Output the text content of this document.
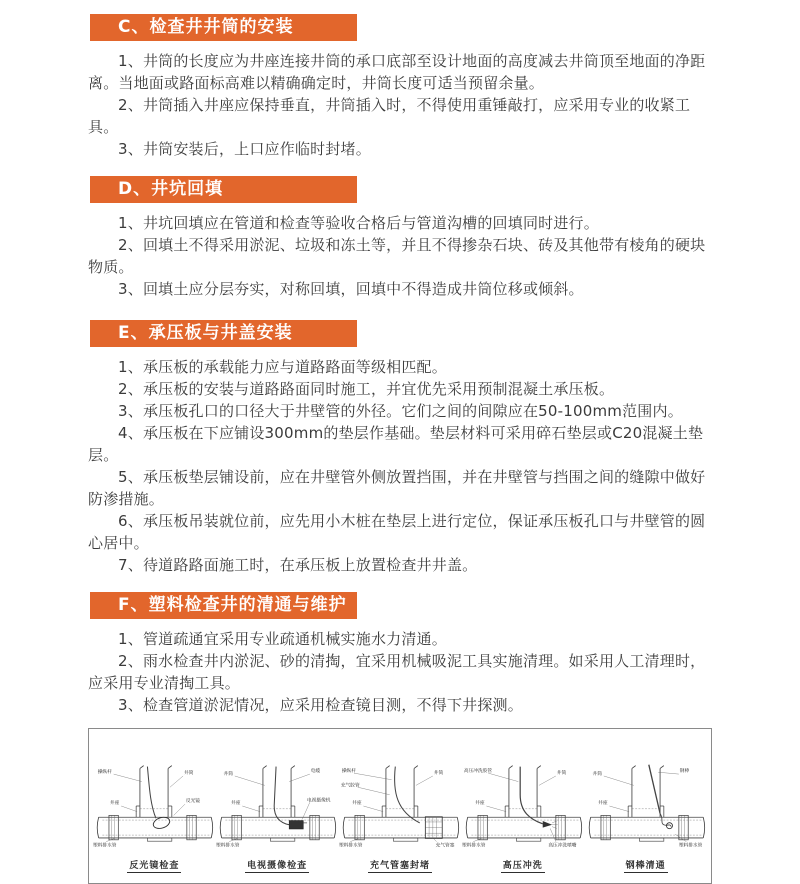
C、检查井井筒的安装
1、井筒的长度应为井座连接井筒的承口底部至设计地面的高度减去井筒顶至地面的净距离。当地面或路面标高难以精确确定时，井筒长度可适当预留余量。
2、井筒插入井座应保持垂直，井筒插入时，不得使用重锤敲打，应采用专业的收紧工具。
3、井筒安装后，上口应作临时封堵。
D、井坑回填
1、井坑回填应在管道和检查等验收合格后与管道沟槽的回填同时进行。
2、回填土不得采用淤泥、垃圾和冻土等，并且不得掺杂石块、砖及其他带有棱角的硬块物质。
3、回填土应分层夯实，对称回填，回填中不得造成井筒位移或倾斜。
E、承压板与井盖安装
1、承压板的承载能力应与道路路面等级相匹配。
2、承压板的安装与道路路面同时施工，并宜优先采用预制混凝土承压板。
3、承压板孔口的口径大于井壁管的外径。它们之间的间隙应在50-100mm范围内。
4、承压板在下应铺设300mm的垫层作基础。垫层材料可采用碎石垫层或C20混凝土垫层。
5、承压板垫层铺设前，应在井壁管外侧放置挡围，并在井壁管与挡围之间的缝隙中做好防渗措施。
6、承压板吊装就位前，应先用小木桩在垫层上进行定位，保证承压板孔口与井壁管的圆心居中。
7、待道路路面施工时，在承压板上放置检查井井盖。
F、塑料检查井的清通与维护
1、管道疏通宜采用专业疏通机械实施水力清通。
2、雨水检查井内淤泥、砂的清掏，宜采用机械吸泥工具实施清理。如采用人工清理时，应采用专业清掏工具。
3、检查管道淤泥情况，应采用检查镜目测，不得下井探测。
操纵杆	井筒
井座	反光镜
塑料排水管
反光镜检查
井筒
电缆
井座
电视摄像机
塑料排水管
电视摄像检查
操纵杆
充气胶管
井座
井筒
塑料排水管	充气管塞
充气管塞封堵
高压冲洗胶管	井筒
井座
塑料排水管	高压冲洗喷嘴
高压冲洗
井筒
钢棒
井座
塑料排水管
钢棒清通
